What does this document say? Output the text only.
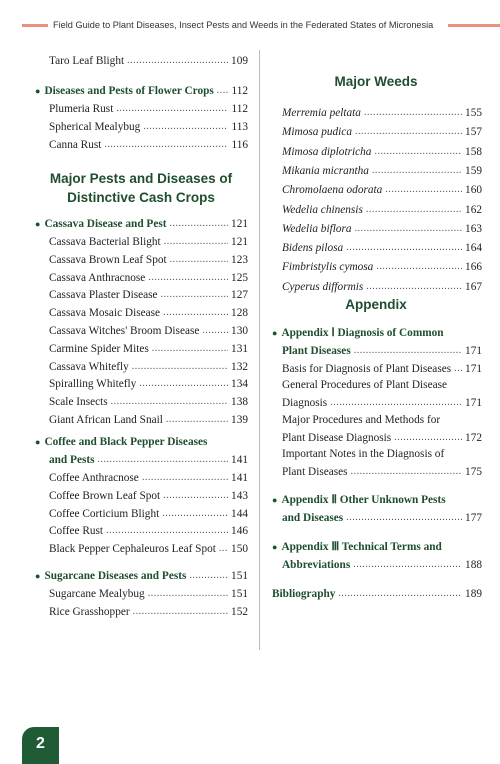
Field Guide to Plant Diseases, Insect Pests and Weeds in the Federated States of Micronesia
Taro Leaf Blight .....	109
● Diseases and Pests of Flower Crops ..... 112
Plumeria Rust .....	112
Spherical Mealybug .....	113
Canna Rust .....	116
Major Pests and Diseases of
Distinctive Cash Crops
● Cassava Disease and Pest .....	121
Cassava Bacterial Blight .....	121
Cassava Brown Leaf Spot .....	123
Cassava Anthracnose .....	125
Cassava Plaster Disease .....	127
Cassava Mosaic Disease .....	128
Cassava Witches' Broom Disease .....	130
Carmine Spider Mites .....	131
Cassava Whitefly .....	132
Spiralling Whitefly .....	134
Scale Insects .....	138
Giant African Land Snail .....	139
● Coffee and Black Pepper Diseases
and Pests .....	141
Coffee Anthracnose .....	141
Coffee Brown Leaf Spot .....	143
Coffee Corticium Blight .....	144
Coffee Rust .....	146
Black Pepper Cephaleuros Leaf Spot ..... 150
● Sugarcane Diseases and Pests .....	151
Sugarcane Mealybug .....	151
Rice Grasshopper .....	152
Major Weeds
Merremia peltata .....	155
Mimosa pudica .....	157
Mimosa diplotricha .....	158
Mikania micrantha .....	159
Chromolaena odorata .....	160
Wedelia chinensis .....	162
Wedelia biflora .....	163
Bidens pilosa .....	164
Fimbristylis cymosa .....	166
Cyperus difformis .....	167
Appendix
● Appendix Ⅰ Diagnosis of Common
Plant Diseases .....	171
Basis for Diagnosis of Plant Diseases ..... 171
General Procedures of Plant Disease
Diagnosis .....	171
Major Procedures and Methods for
Plant Disease Diagnosis .....	172
Important Notes in the Diagnosis of
Plant Diseases .....	175
● Appendix Ⅱ Other Unknown Pests
and Diseases .....	177
● Appendix Ⅲ Technical Terms and
Abbreviations .....	188
Bibliography .....	189
2
